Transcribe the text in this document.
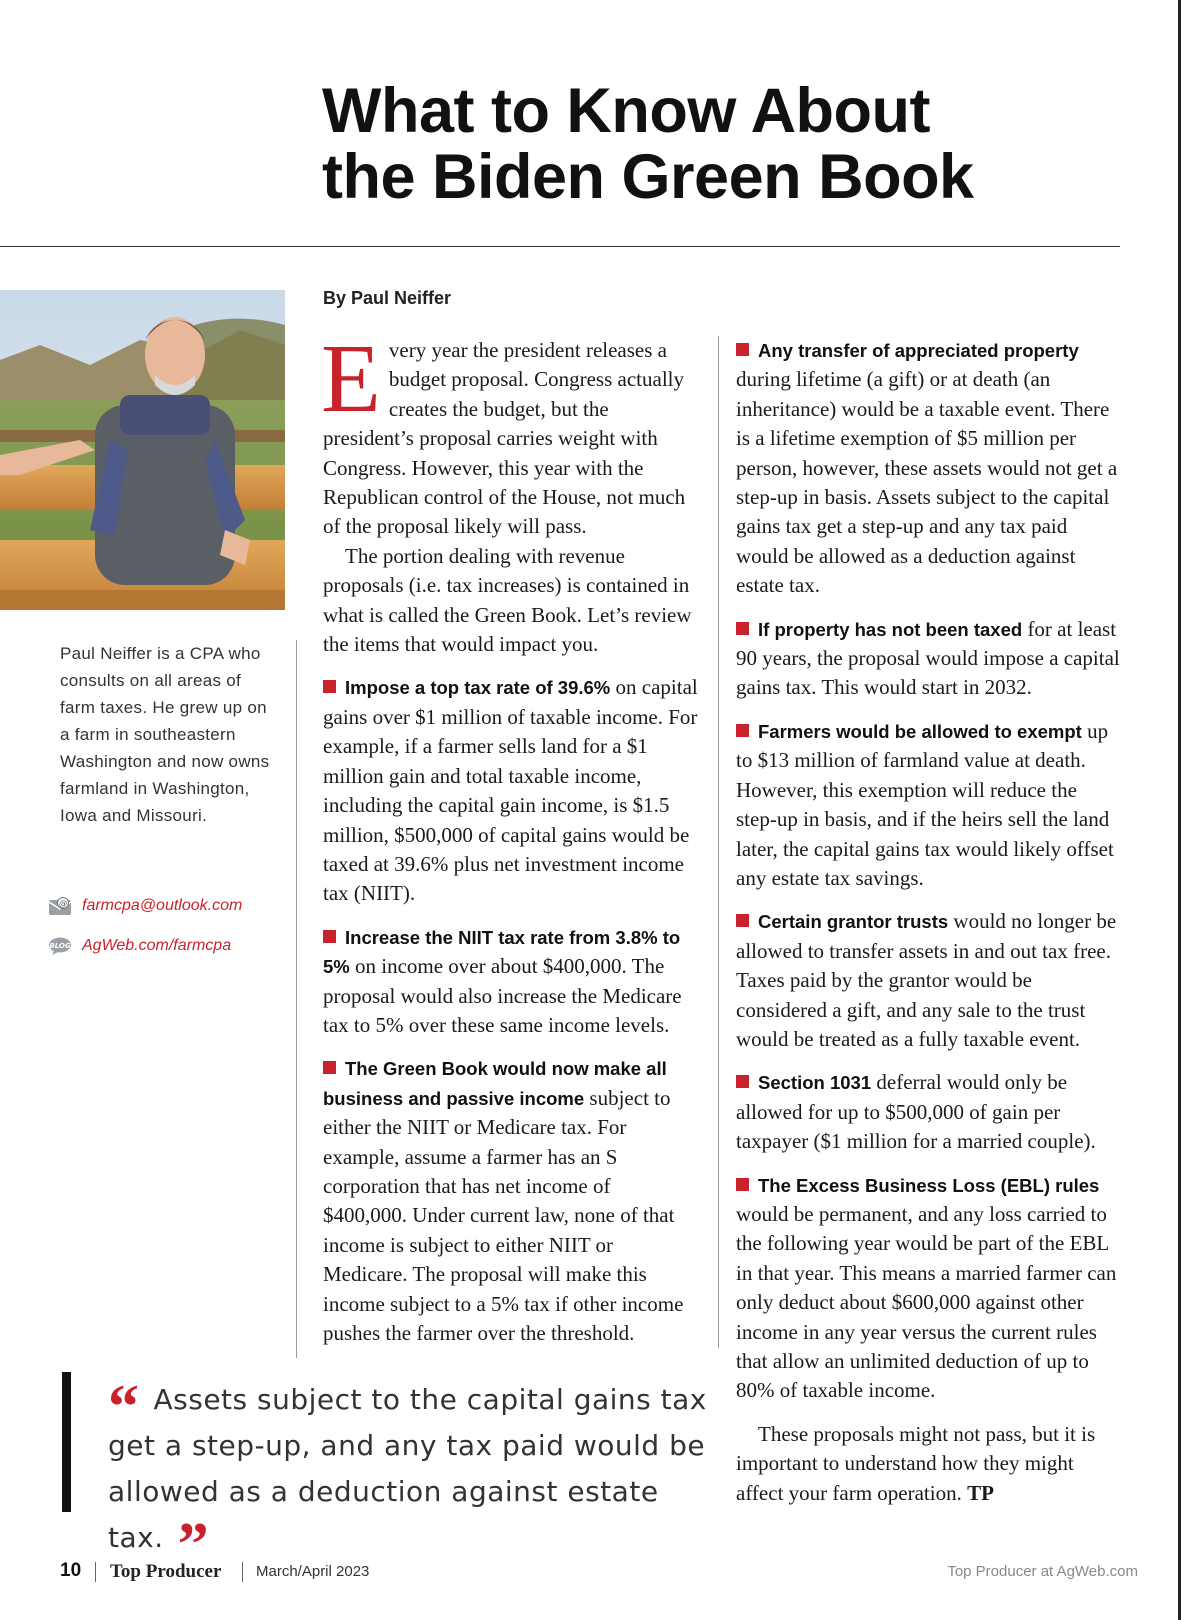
What to Know About
the Biden Green Book

Paul Neiffer is a CPA who consults on all areas of farm taxes. He grew up on a farm in southeastern Washington and now owns farmland in Washington, Iowa and Missouri.

@ farmcpa@outlook.com
BLOG AgWeb.com/farmcpa
By Paul Neiffer

Every year the president releases a budget proposal. Congress actually creates the budget, but the president’s proposal carries weight with Congress. However, this year with the Republican control of the House, not much of the proposal likely will pass.

The portion dealing with revenue proposals (i.e. tax increases) is contained in what is called the Green Book. Let’s review the items that would impact you.

Impose a top tax rate of 39.6% on capital gains over $1 million of taxable income. For example, if a farmer sells land for a $1 million gain and total taxable income, including the capital gain income, is $1.5 million, $500,000 of capital gains would be taxed at 39.6% plus net investment income tax (NIIT).

Increase the NIIT tax rate from 3.8% to 5% on income over about $400,000. The proposal would also increase the Medicare tax to 5% over these same income levels.

The Green Book would now make all business and passive income subject to either the NIIT or Medicare tax. For example, assume a farmer has an S corporation that has net income of $400,000. Under current law, none of that income is subject to either NIIT or Medicare. The proposal will make this income subject to a 5% tax if other income pushes the farmer over the threshold.

Any transfer of appreciated property during lifetime (a gift) or at death (an inheritance) would be a taxable event. There is a lifetime exemption of $5 million per person, however, these assets would not get a step-up in basis. Assets subject to the capital gains tax get a step-up and any tax paid would be allowed as a deduction against estate tax.

If property has not been taxed for at least 90 years, the proposal would impose a capital gains tax. This would start in 2032.

Farmers would be allowed to exempt up to $13 million of farmland value at death. However, this exemption will reduce the step-up in basis, and if the heirs sell the land later, the capital gains tax would likely offset any estate tax savings.

Certain grantor trusts would no longer be allowed to transfer assets in and out tax free. Taxes paid by the grantor would be considered a gift, and any sale to the trust would be treated as a fully taxable event.

Section 1031 deferral would only be allowed for up to $500,000 of gain per taxpayer ($1 million for a married couple).

The Excess Business Loss (EBL) rules would be permanent, and any loss carried to the following year would be part of the EBL in that year. This means a married farmer can only deduct about $600,000 against other income in any year versus the current rules that allow an unlimited deduction of up to 80% of taxable income.

These proposals might not pass, but it is important to understand how they might affect your farm operation. TP

“ Assets subject to the capital gains tax get a step-up, and any tax paid would be allowed as a deduction against estate tax. ”

10 Top Producer March/April 2023	Top Producer at AgWeb.com
